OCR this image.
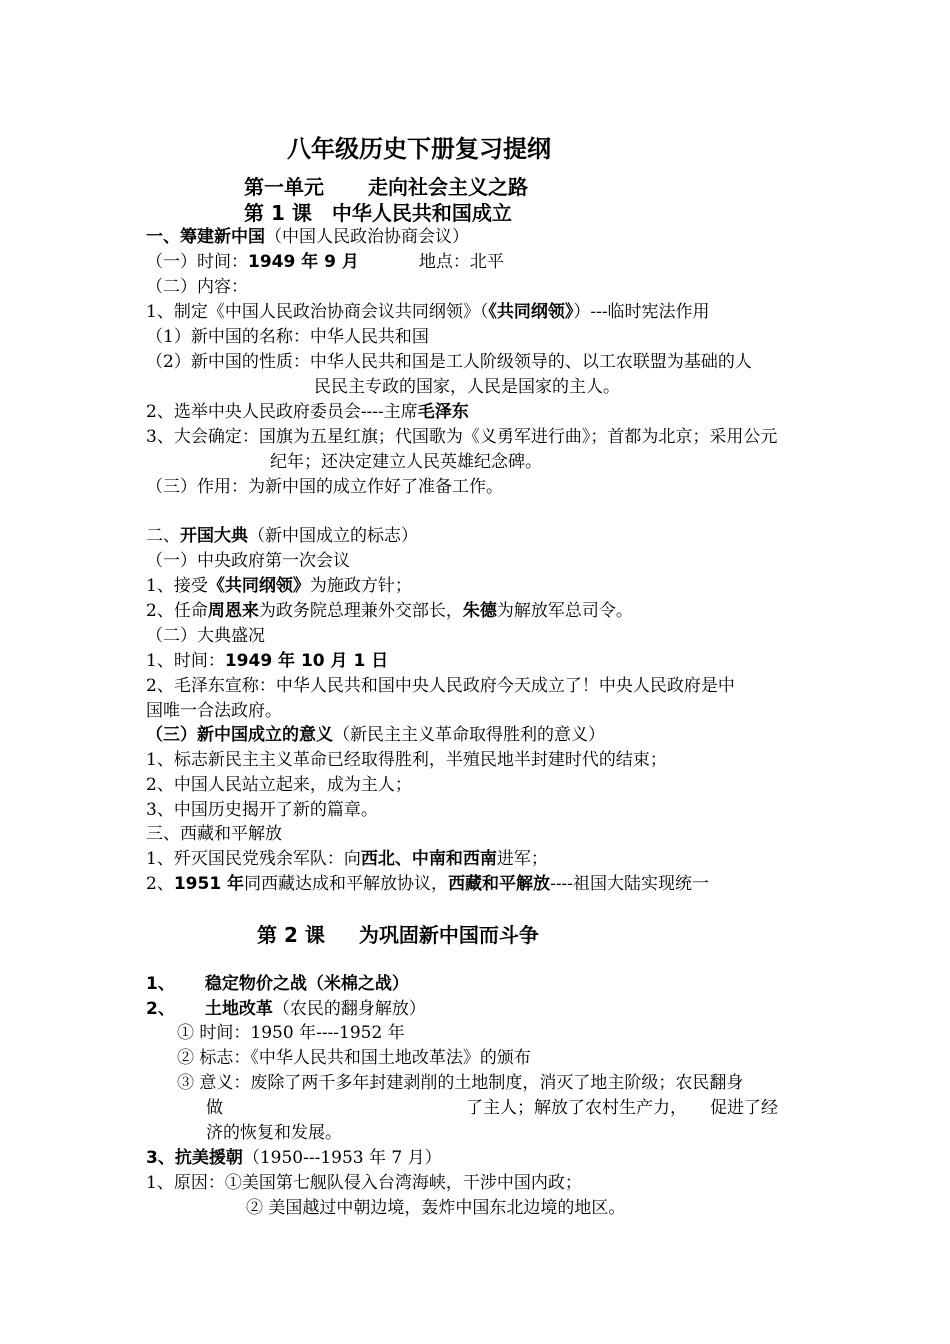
八年级历史下册复习提纲
第一单元 走向社会主义之路
第 1 课　中华人民共和国成立
一、筹建新中国（中国人民政治协商会议）
（一）时间：1949 年 9 月	地点：北平
（二）内容：
1、制定《中国人民政治协商会议共同纲领》（《共同纲领》）---临时宪法作用
（1）新中国的名称：中华人民共和国
（2）新中国的性质：中华人民共和国是工人阶级领导的、以工农联盟为基础的人
民民主专政的国家，人民是国家的主人。
2、选举中央人民政府委员会----主席毛泽东
3、大会确定：国旗为五星红旗；代国歌为《义勇军进行曲》；首都为北京；采用公元
纪年；还决定建立人民英雄纪念碑。
（三）作用：为新中国的成立作好了准备工作。
二、开国大典（新中国成立的标志）
（一）中央政府第一次会议
1、接受《共同纲领》为施政方针；
2、任命周恩来为政务院总理兼外交部长，朱德为解放军总司令。
（二）大典盛况
1、时间：1949 年 10 月 1 日
2、毛泽东宣称：中华人民共和国中央人民政府今天成立了！中央人民政府是中
国唯一合法政府。
（三）新中国成立的意义（新民主主义革命取得胜利的意义）
1、标志新民主主义革命已经取得胜利，半殖民地半封建时代的结束；
2、中国人民站立起来，成为主人；
3、中国历史揭开了新的篇章。
三、西藏和平解放
1、歼灭国民党残余军队：向西北、中南和西南进军；
2、1951 年同西藏达成和平解放协议，西藏和平解放----祖国大陆实现统一
第 2 课 为巩固新中国而斗争
1、 稳定物价之战（米棉之战）
2、 土地改革（农民的翻身解放）
① 时间：1950 年----1952 年
② 标志：《中华人民共和国土地改革法》的颁布
③ 意义：废除了两千多年封建剥削的土地制度，消灭了地主阶级；农民翻身
做	了主人；解放了农村生产力， 促进了经
济的恢复和发展。
3、抗美援朝（1950---1953 年 7 月）
1、原因：①美国第七舰队侵入台湾海峡，干涉中国内政；
② 美国越过中朝边境，轰炸中国东北边境的地区。
